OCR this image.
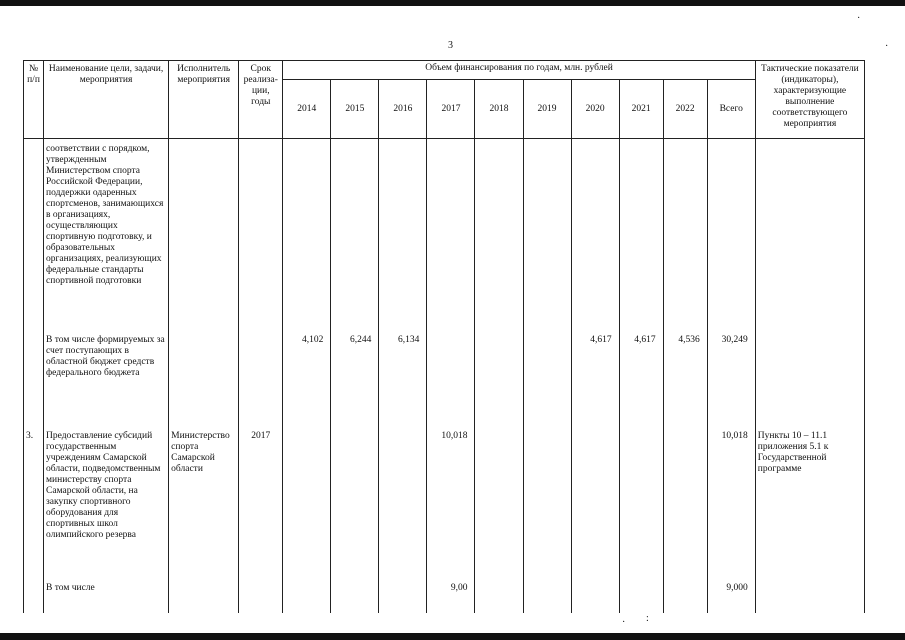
·
·
· :
3
№ п/п	Наименование цели, задачи, мероприятия	Исполнитель мероприятия	Срок реализа-ции, годы	Объем финансирования по годам, млн. рублей										Тактические показатели (индикаторы), характеризующие выполнение соответствующего мероприятия
				2014	2015	2016	2017	2018	2019	2020	2021	2022	Всего	
	соответствии с порядком, утвержденным Министерством спорта Российской Федерации, поддержки одаренных спортсменов, занимающихся в организациях, осуществляющих спортивную подготовку, и образовательных организациях, реализующих федеральные стандарты спортивной подготовки													
	В том числе формируемых за счет поступающих в областной бюджет средств федерального бюджета			4,102	6,244	6,134				4,617	4,617	4,536	30,249	
3.	Предоставление субсидий государственным учреждениям Самарской области, подведомственным министерству спорта Самарской области, на закупку спортивного оборудования для спортивных школ олимпийского резерва	Министерство спорта Самарской области	2017				10,018						10,018	Пункты 10 – 11.1 приложения 5.1 к Государственной программе
	В том числе						9,00						9,000	
